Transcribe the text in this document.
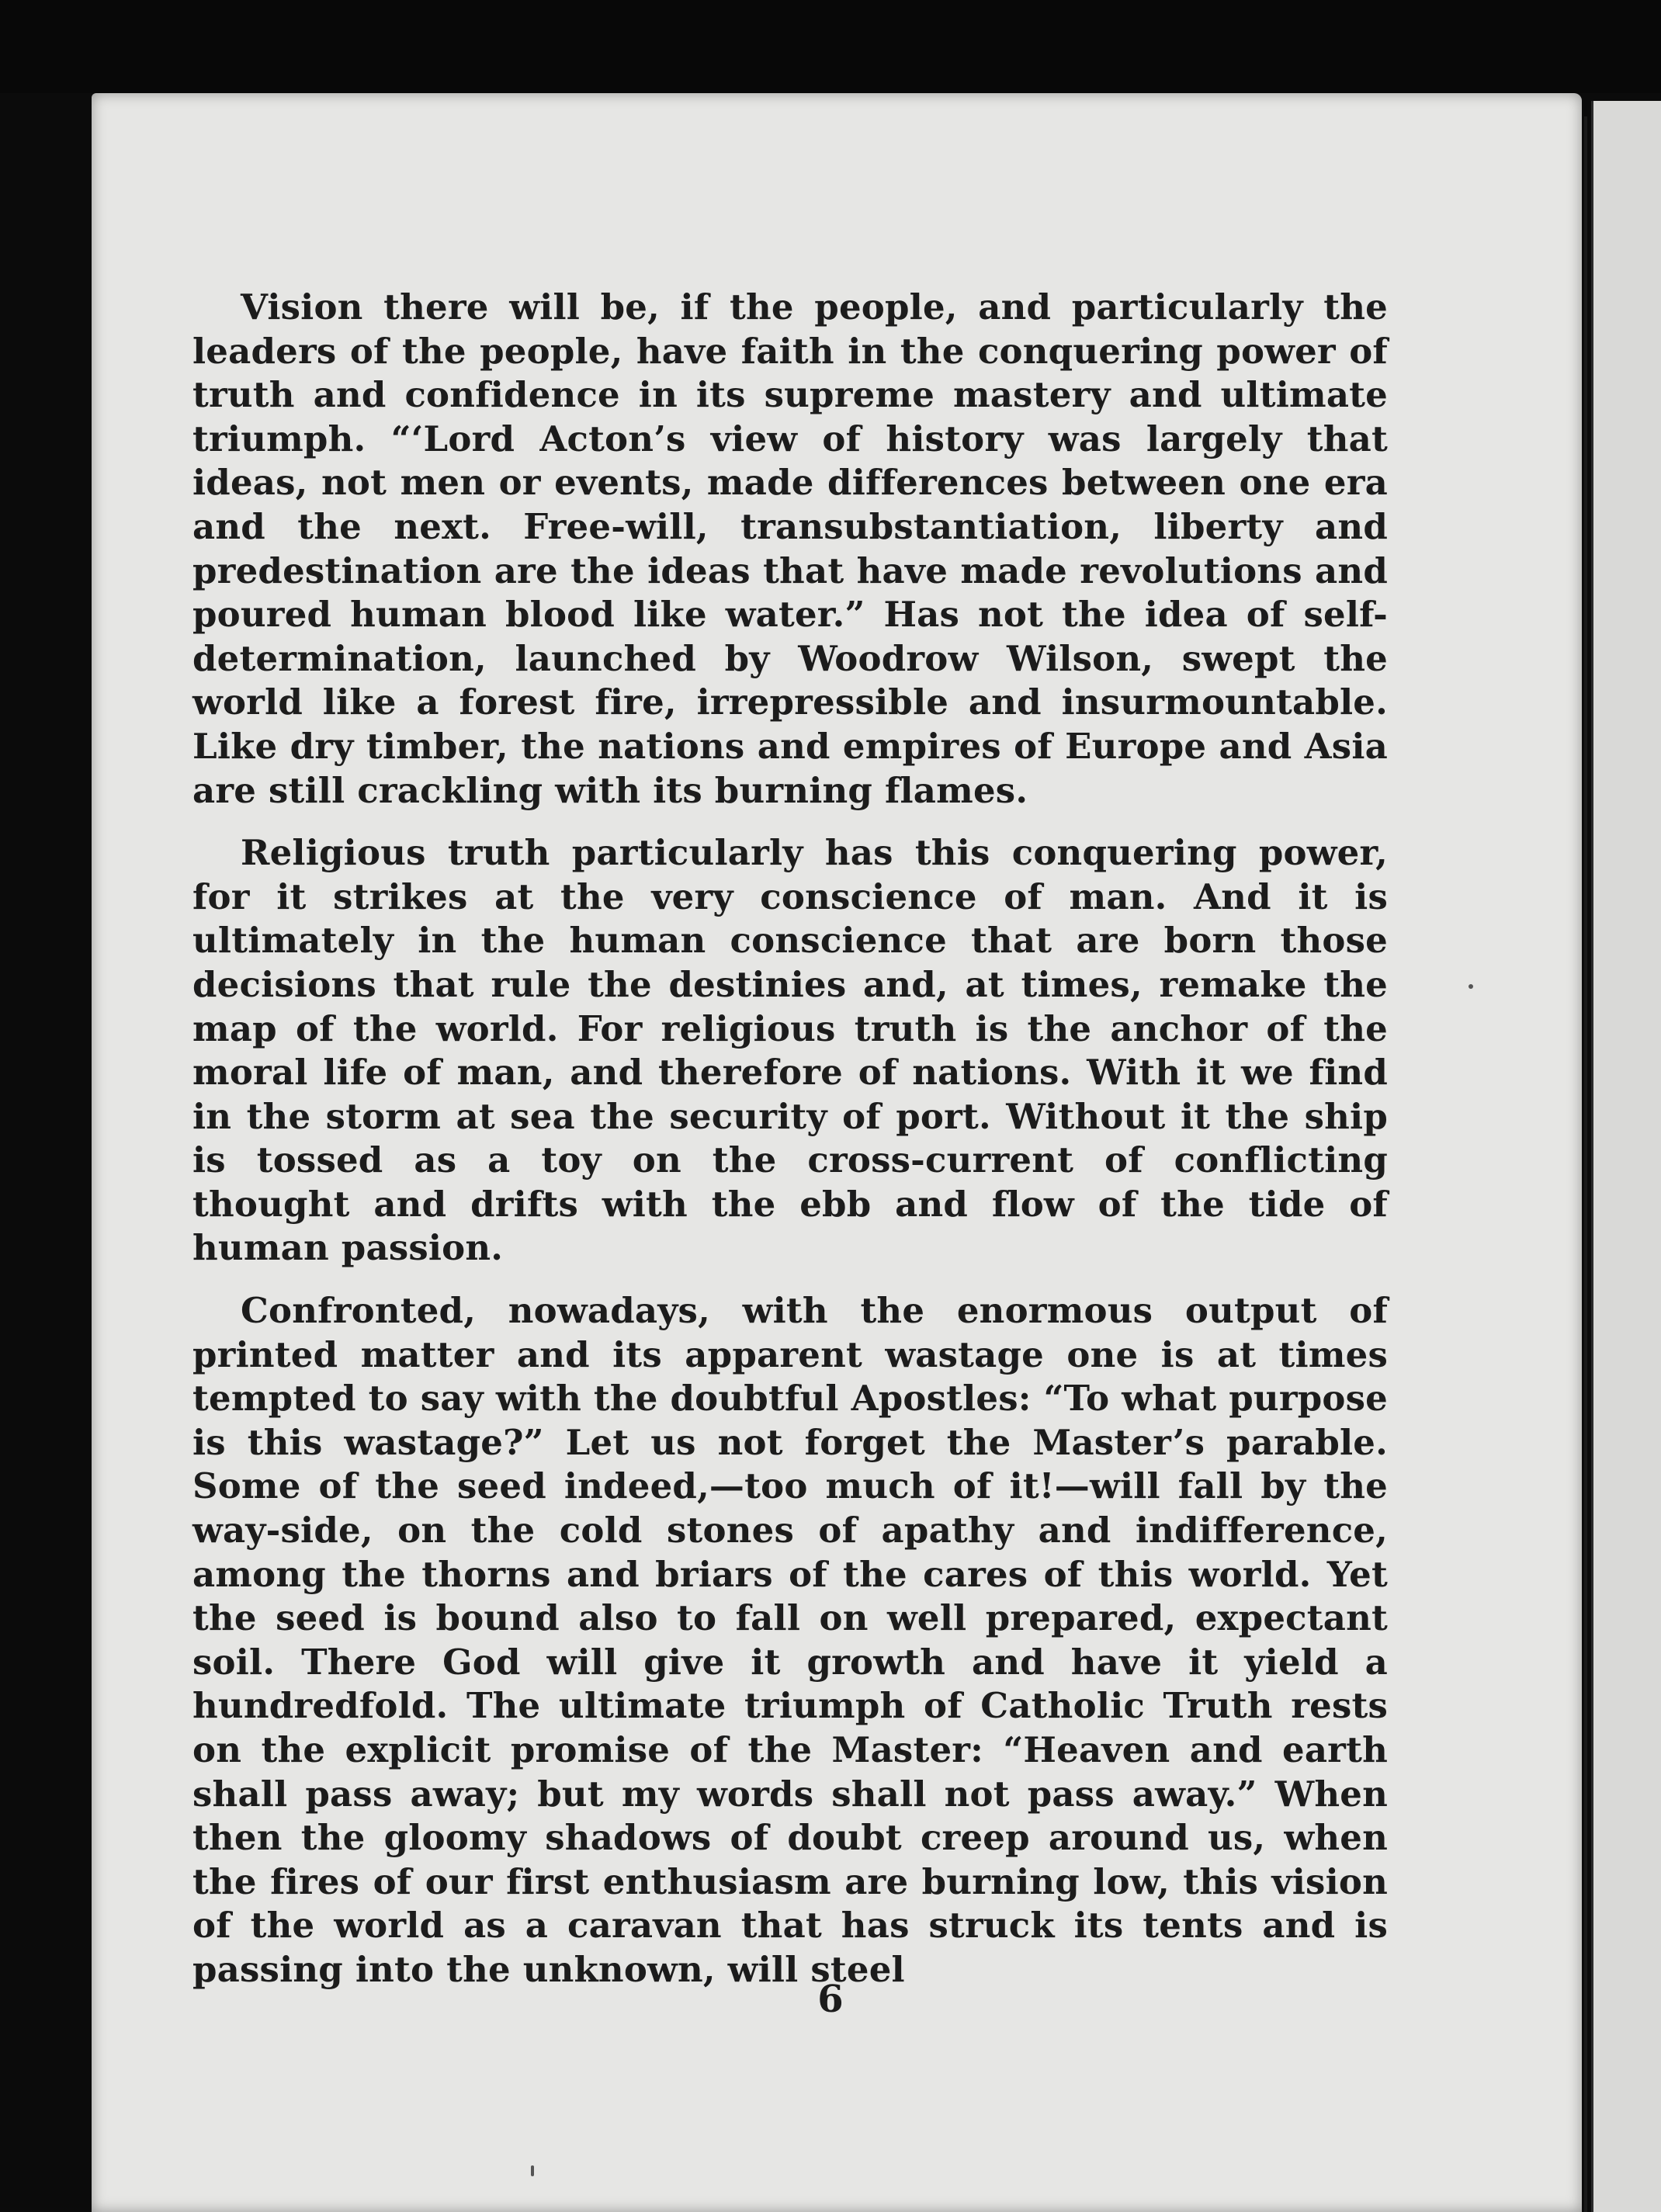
Vision there will be, if the people, and particularly the leaders of the people, have faith in the conquering power of truth and confidence in its supreme mastery and ultimate triumph. “‘Lord Acton’s view of history was largely that ideas, not men or events, made differences between one era and the next. Free-will, transubstantiation, liberty and predestination are the ideas that have made revolutions and poured human blood like water.” Has not the idea of self-determination, launched by Woodrow Wilson, swept the world like a forest fire, irrepressible and insurmountable. Like dry timber, the nations and empires of Europe and Asia are still crackling with its burning flames.

Religious truth particularly has this conquering power, for it strikes at the very conscience of man. And it is ultimately in the human conscience that are born those decisions that rule the destinies and, at times, remake the map of the world. For religious truth is the anchor of the moral life of man, and therefore of nations. With it we find in the storm at sea the security of port. Without it the ship is tossed as a toy on the cross-current of conflicting thought and drifts with the ebb and flow of the tide of human passion.

Confronted, nowadays, with the enormous output of printed matter and its apparent wastage one is at times tempted to say with the doubtful Apostles: “To what purpose is this wastage?” Let us not forget the Master’s parable. Some of the seed indeed,—too much of it!—will fall by the way-side, on the cold stones of apathy and indifference, among the thorns and briars of the cares of this world. Yet the seed is bound also to fall on well prepared, expectant soil. There God will give it growth and have it yield a hundredfold. The ultimate triumph of Catholic Truth rests on the explicit promise of the Master: “Heaven and earth shall pass away; but my words shall not pass away.” When then the gloomy shadows of doubt creep around us, when the fires of our first enthusiasm are burning low, this vision of the world as a caravan that has struck its tents and is passing into the unknown, will steel

6
